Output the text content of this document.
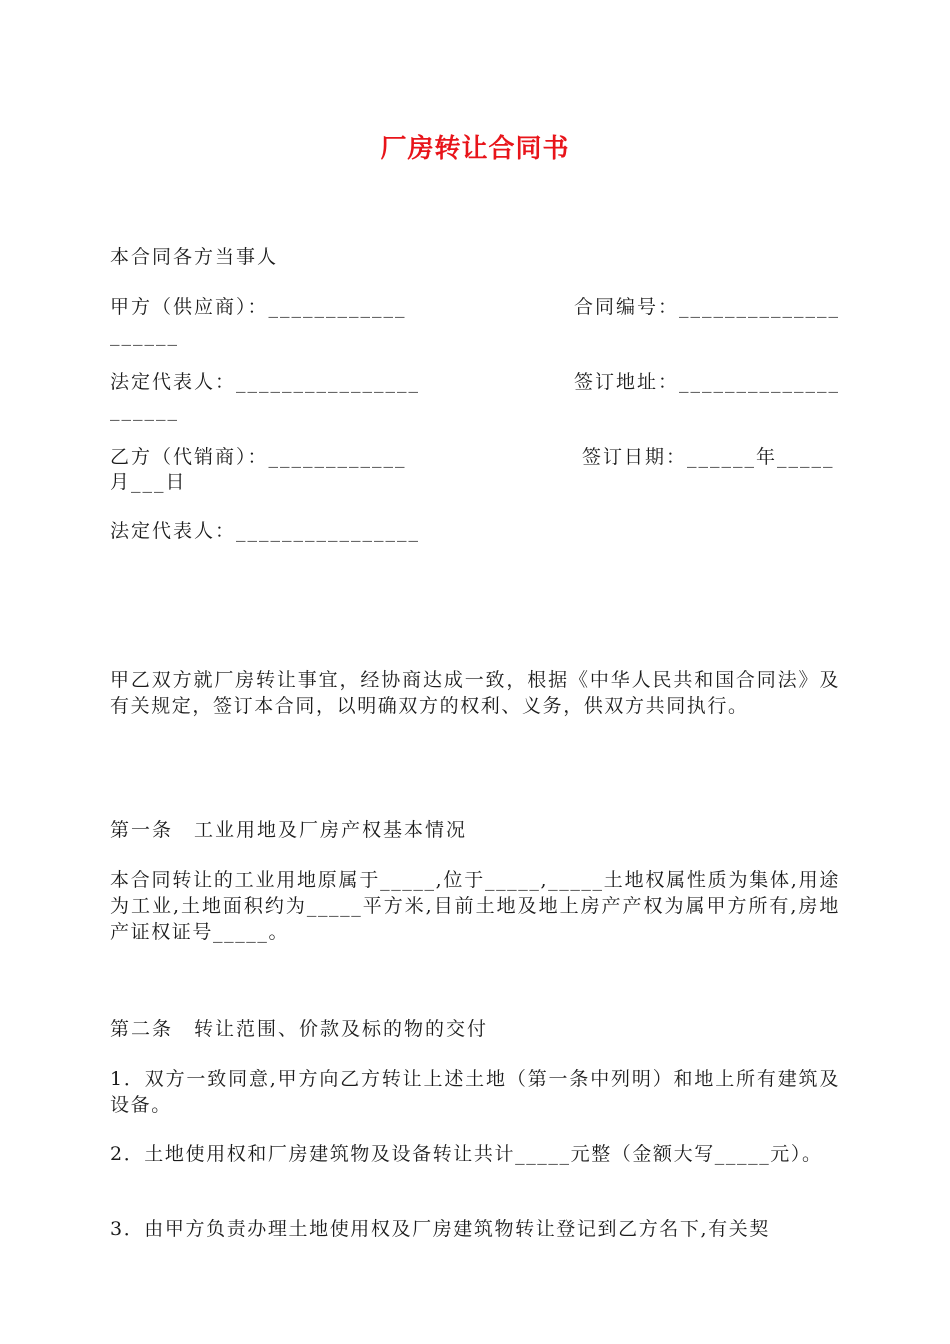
厂房转让合同书
本合同各方当事人
甲方（供应商）：____________	合同编号：______________
______
法定代表人：________________	签订地址：______________
______
乙方（代销商）：____________	签订日期：______年_____
月___日
法定代表人：________________
甲乙双方就厂房转让事宜，经协商达成一致，根据《中华人民共和国合同法》及有关规定，签订本合同，以明确双方的权利、义务，供双方共同执行。
第一条　工业用地及厂房产权基本情况
本合同转让的工业用地原属于_____,位于_____,_____土地权属性质为集体,用途为工业,土地面积约为_____平方米,目前土地及地上房产产权为属甲方所有,房地产证权证号_____。
第二条　转让范围、价款及标的物的交付
1．双方一致同意,甲方向乙方转让上述土地（第一条中列明）和地上所有建筑及设备。
2．土地使用权和厂房建筑物及设备转让共计_____元整（金额大写_____元）。
3．由甲方负责办理土地使用权及厂房建筑物转让登记到乙方名下,有关契
